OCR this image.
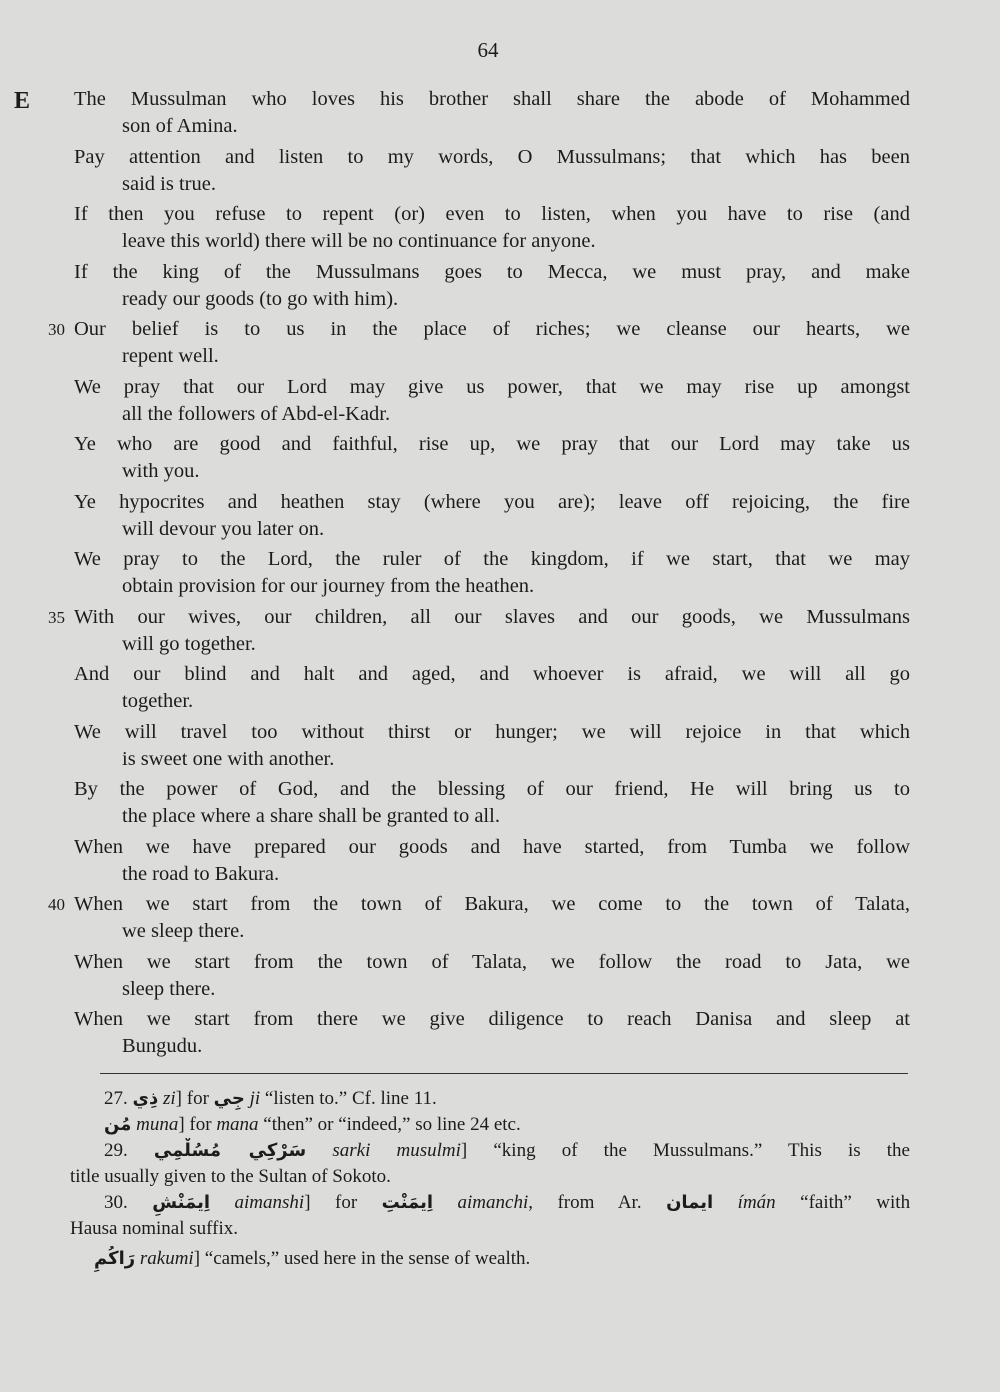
64
E The Mussulman who loves his brother shall share the abode of Mohammed
son of Amina.
Pay attention and listen to my words, O Mussulmans; that which has been
said is true.
If then you refuse to repent (or) even to listen, when you have to rise (and
leave this world) there will be no continuance for anyone.
If the king of the Mussulmans goes to Mecca, we must pray, and make
ready our goods (to go with him).
30 Our belief is to us in the place of riches; we cleanse our hearts, we
repent well.
We pray that our Lord may give us power, that we may rise up amongst
all the followers of Abd-el-Kadr.
Ye who are good and faithful, rise up, we pray that our Lord may take us
with you.
Ye hypocrites and heathen stay (where you are); leave off rejoicing, the fire
will devour you later on.
We pray to the Lord, the ruler of the kingdom, if we start, that we may
obtain provision for our journey from the heathen.
35 With our wives, our children, all our slaves and our goods, we Mussulmans
will go together.
And our blind and halt and aged, and whoever is afraid, we will all go
together.
We will travel too without thirst or hunger; we will rejoice in that which
is sweet one with another.
By the power of God, and the blessing of our friend, He will bring us to
the place where a share shall be granted to all.
When we have prepared our goods and have started, from Tumba we follow
the road to Bakura.
40 When we start from the town of Bakura, we come to the town of Talata,
we sleep there.
When we start from the town of Talata, we follow the road to Jata, we
sleep there.
When we start from there we give diligence to reach Danisa and sleep at
Bungudu.
27. ذِي zi] for جِي ji “listen to.” Cf. line 11.
مُن muna] for mana “then” or “indeed,” so line 24 etc.
29. سَرْكِي مُسُلْمِي sarki musulmi] “king of the Mussulmans.” This is the
title usually given to the Sultan of Sokoto.
30. اِيمَنْشِ aimanshi] for اِيمَنْتِ aimanchi, from Ar. ايمان ímán “faith” with
Hausa nominal suffix.
رَاكُمِ rakumi] “camels,” used here in the sense of wealth.
